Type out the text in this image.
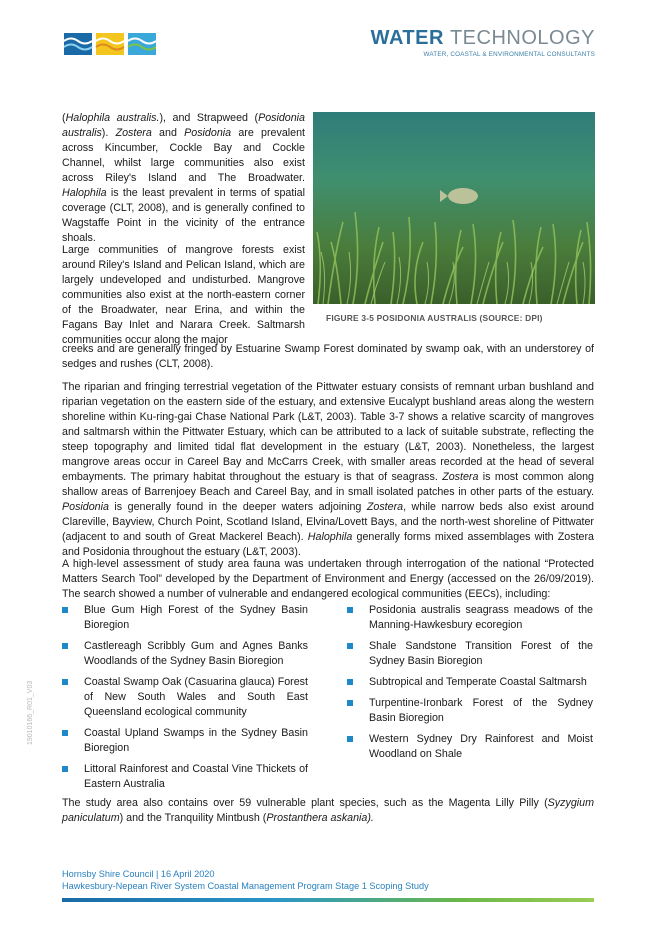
WATER TECHNOLOGY
WATER, COASTAL & ENVIRONMENTAL CONSULTANTS

(Halophila australis.), and Strapweed (Posidonia australis). Zostera and Posidonia are prevalent across Kincumber, Cockle Bay and Cockle Channel, whilst large communities also exist across Riley's Island and The Broadwater. Halophila is the least prevalent in terms of spatial coverage (CLT, 2008), and is generally confined to Wagstaffe Point in the vicinity of the entrance shoals.

Large communities of mangrove forests exist around Riley's Island and Pelican Island, which are largely undeveloped and undisturbed. Mangrove communities also exist at the north-eastern corner of the Broadwater, near Erina, and within the Fagans Bay Inlet and Narara Creek. Saltmarsh communities occur along the major

creeks and are generally fringed by Estuarine Swamp Forest dominated by swamp oak, with an understorey of sedges and rushes (CLT, 2008).

FIGURE 3-5 POSIDONIA AUSTRALIS (SOURCE: DPI)

The riparian and fringing terrestrial vegetation of the Pittwater estuary consists of remnant urban bushland and riparian vegetation on the eastern side of the estuary, and extensive Eucalypt bushland areas along the western shoreline within Ku-ring-gai Chase National Park (L&T, 2003). Table 3-7 shows a relative scarcity of mangroves and saltmarsh within the Pittwater Estuary, which can be attributed to a lack of suitable substrate, reflecting the steep topography and limited tidal flat development in the estuary (L&T, 2003). Nonetheless, the largest mangrove areas occur in Careel Bay and McCarrs Creek, with smaller areas recorded at the head of several embayments. The primary habitat throughout the estuary is that of seagrass. Zostera is most common along shallow areas of Barrenjoey Beach and Careel Bay, and in small isolated patches in other parts of the estuary. Posidonia is generally found in the deeper waters adjoining Zostera, while narrow beds also exist around Clareville, Bayview, Church Point, Scotland Island, Elvina/Lovett Bays, and the north-west shoreline of Pittwater (adjacent to and south of Great Mackerel Beach). Halophila generally forms mixed assemblages with Zostera and Posidonia throughout the estuary (L&T, 2003).

A high-level assessment of study area fauna was undertaken through interrogation of the national “Protected Matters Search Tool” developed by the Department of Environment and Energy (accessed on the 26/09/2019). The search showed a number of vulnerable and endangered ecological communities (EECs), including:

Blue Gum High Forest of the Sydney Basin Bioregion
Castlereagh Scribbly Gum and Agnes Banks Woodlands of the Sydney Basin Bioregion
Coastal Swamp Oak (Casuarina glauca) Forest of New South Wales and South East Queensland ecological community
Coastal Upland Swamps in the Sydney Basin Bioregion
Littoral Rainforest and Coastal Vine Thickets of Eastern Australia
Posidonia australis seagrass meadows of the Manning-Hawkesbury ecoregion
Shale Sandstone Transition Forest of the Sydney Basin Bioregion
Subtropical and Temperate Coastal Saltmarsh
Turpentine-Ironbark Forest of the Sydney Basin Bioregion
Western Sydney Dry Rainforest and Moist Woodland on Shale

The study area also contains over 59 vulnerable plant species, such as the Magenta Lilly Pilly (Syzygium paniculatum) and the Tranquility Mintbush (Prostanthera askania).

19010166_R01_V03
Hornsby Shire Council | 16 April 2020
Hawkesbury-Nepean River System Coastal Management Program Stage 1 Scoping Study
